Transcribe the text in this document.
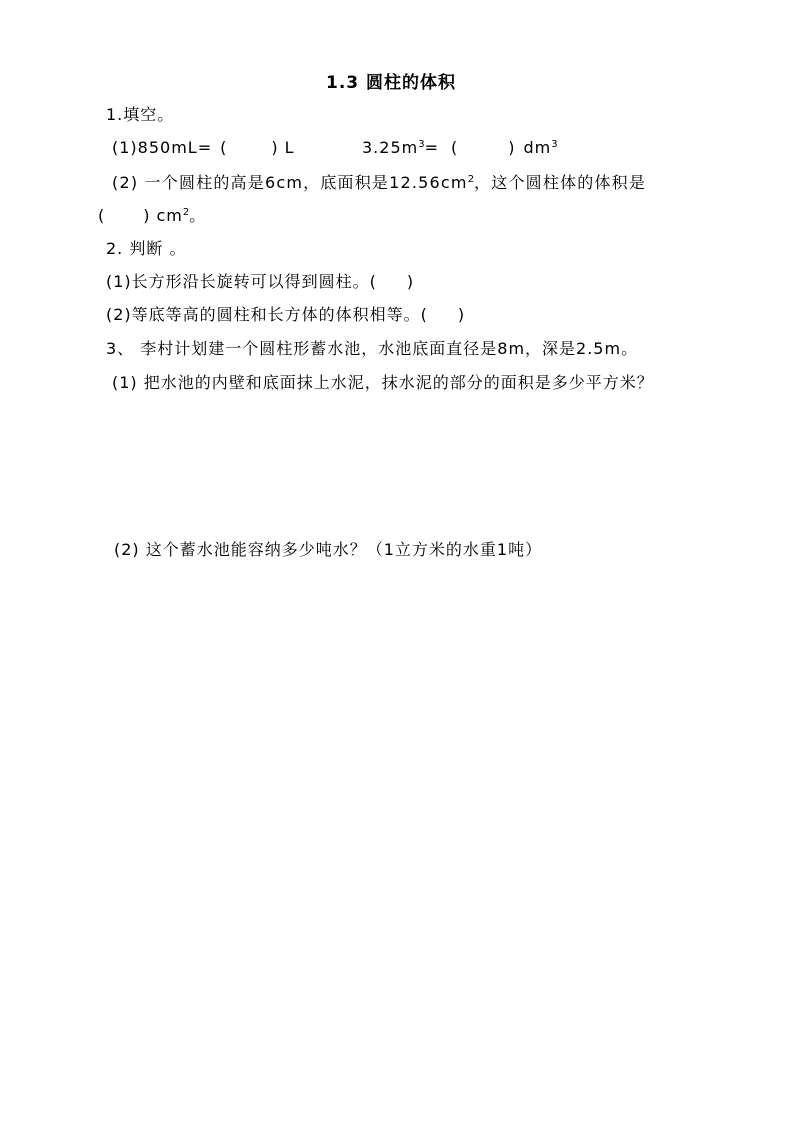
1.3 圆柱的体积
1.填空。
(1)850mL= (	) L	$3.25m^3=$ (	) $dm^3$
(2) 一个圆柱的高是6cm，底面积是$12.56cm^2$，这个圆柱体的体积是
( ) $cm^2$。
2. 判断 。
(1)长方形沿长旋转可以得到圆柱。( )
(2)等底等高的圆柱和长方体的体积相等。( )
3、 李村计划建一个圆柱形蓄水池，水池底面直径是8m，深是2.5m。
(1) 把水池的内壁和底面抹上水泥，抹水泥的部分的面积是多少平方米？
(2) 这个蓄水池能容纳多少吨水？（1立方米的水重1吨）
